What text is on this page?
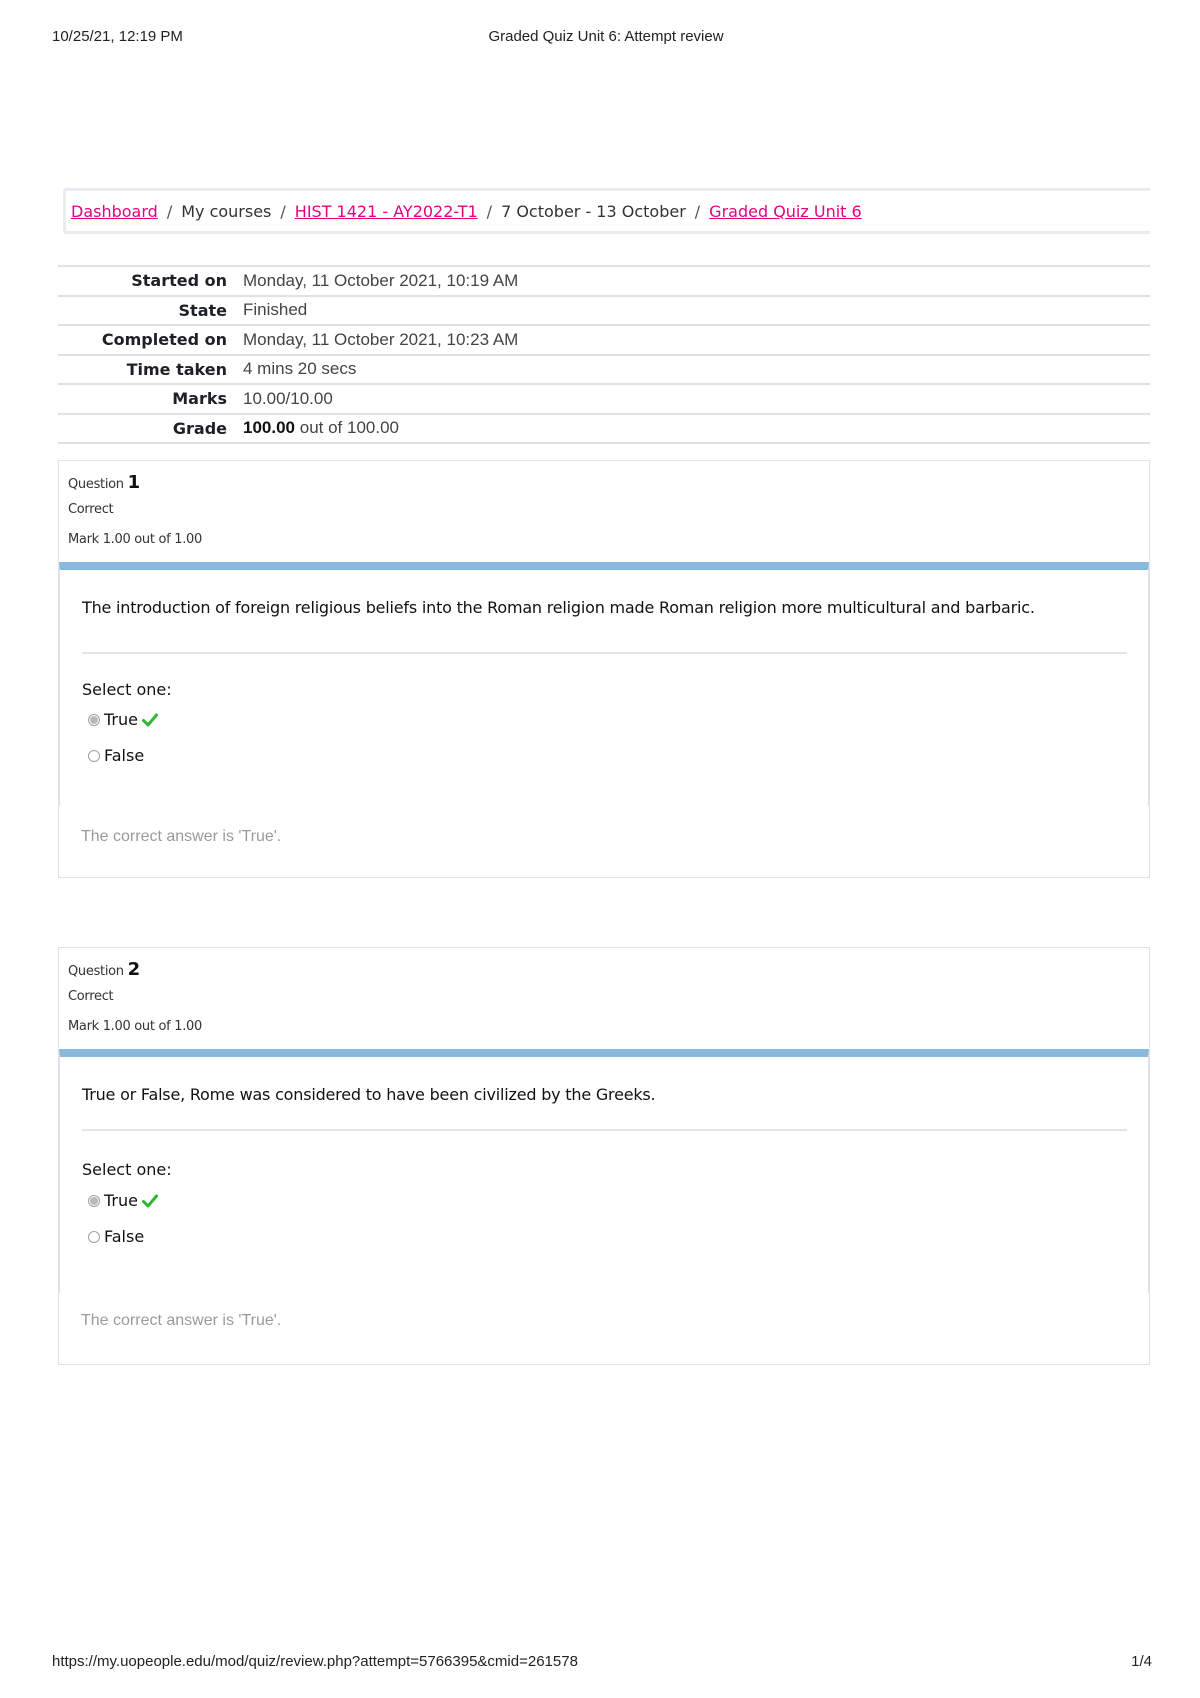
10/25/21, 12:19 PM	Graded Quiz Unit 6: Attempt review
Dashboard / My courses / HIST 1421 - AY2022-T1 / 7 October - 13 October / Graded Quiz Unit 6
Started on	Monday, 11 October 2021, 10:19 AM
State	Finished
Completed on	Monday, 11 October 2021, 10:23 AM
Time taken	4 mins 20 secs
Marks	10.00/10.00
Grade	100.00 out of 100.00
Question 1
Correct
Mark 1.00 out of 1.00
The introduction of foreign religious beliefs into the Roman religion made Roman religion more multicultural and barbaric.
Select one:
True
False
The correct answer is 'True'.
Question 2
Correct
Mark 1.00 out of 1.00
True or False, Rome was considered to have been civilized by the Greeks.
Select one:
True
False
The correct answer is 'True'.
https://my.uopeople.edu/mod/quiz/review.php?attempt=5766395&cmid=261578	1/4
